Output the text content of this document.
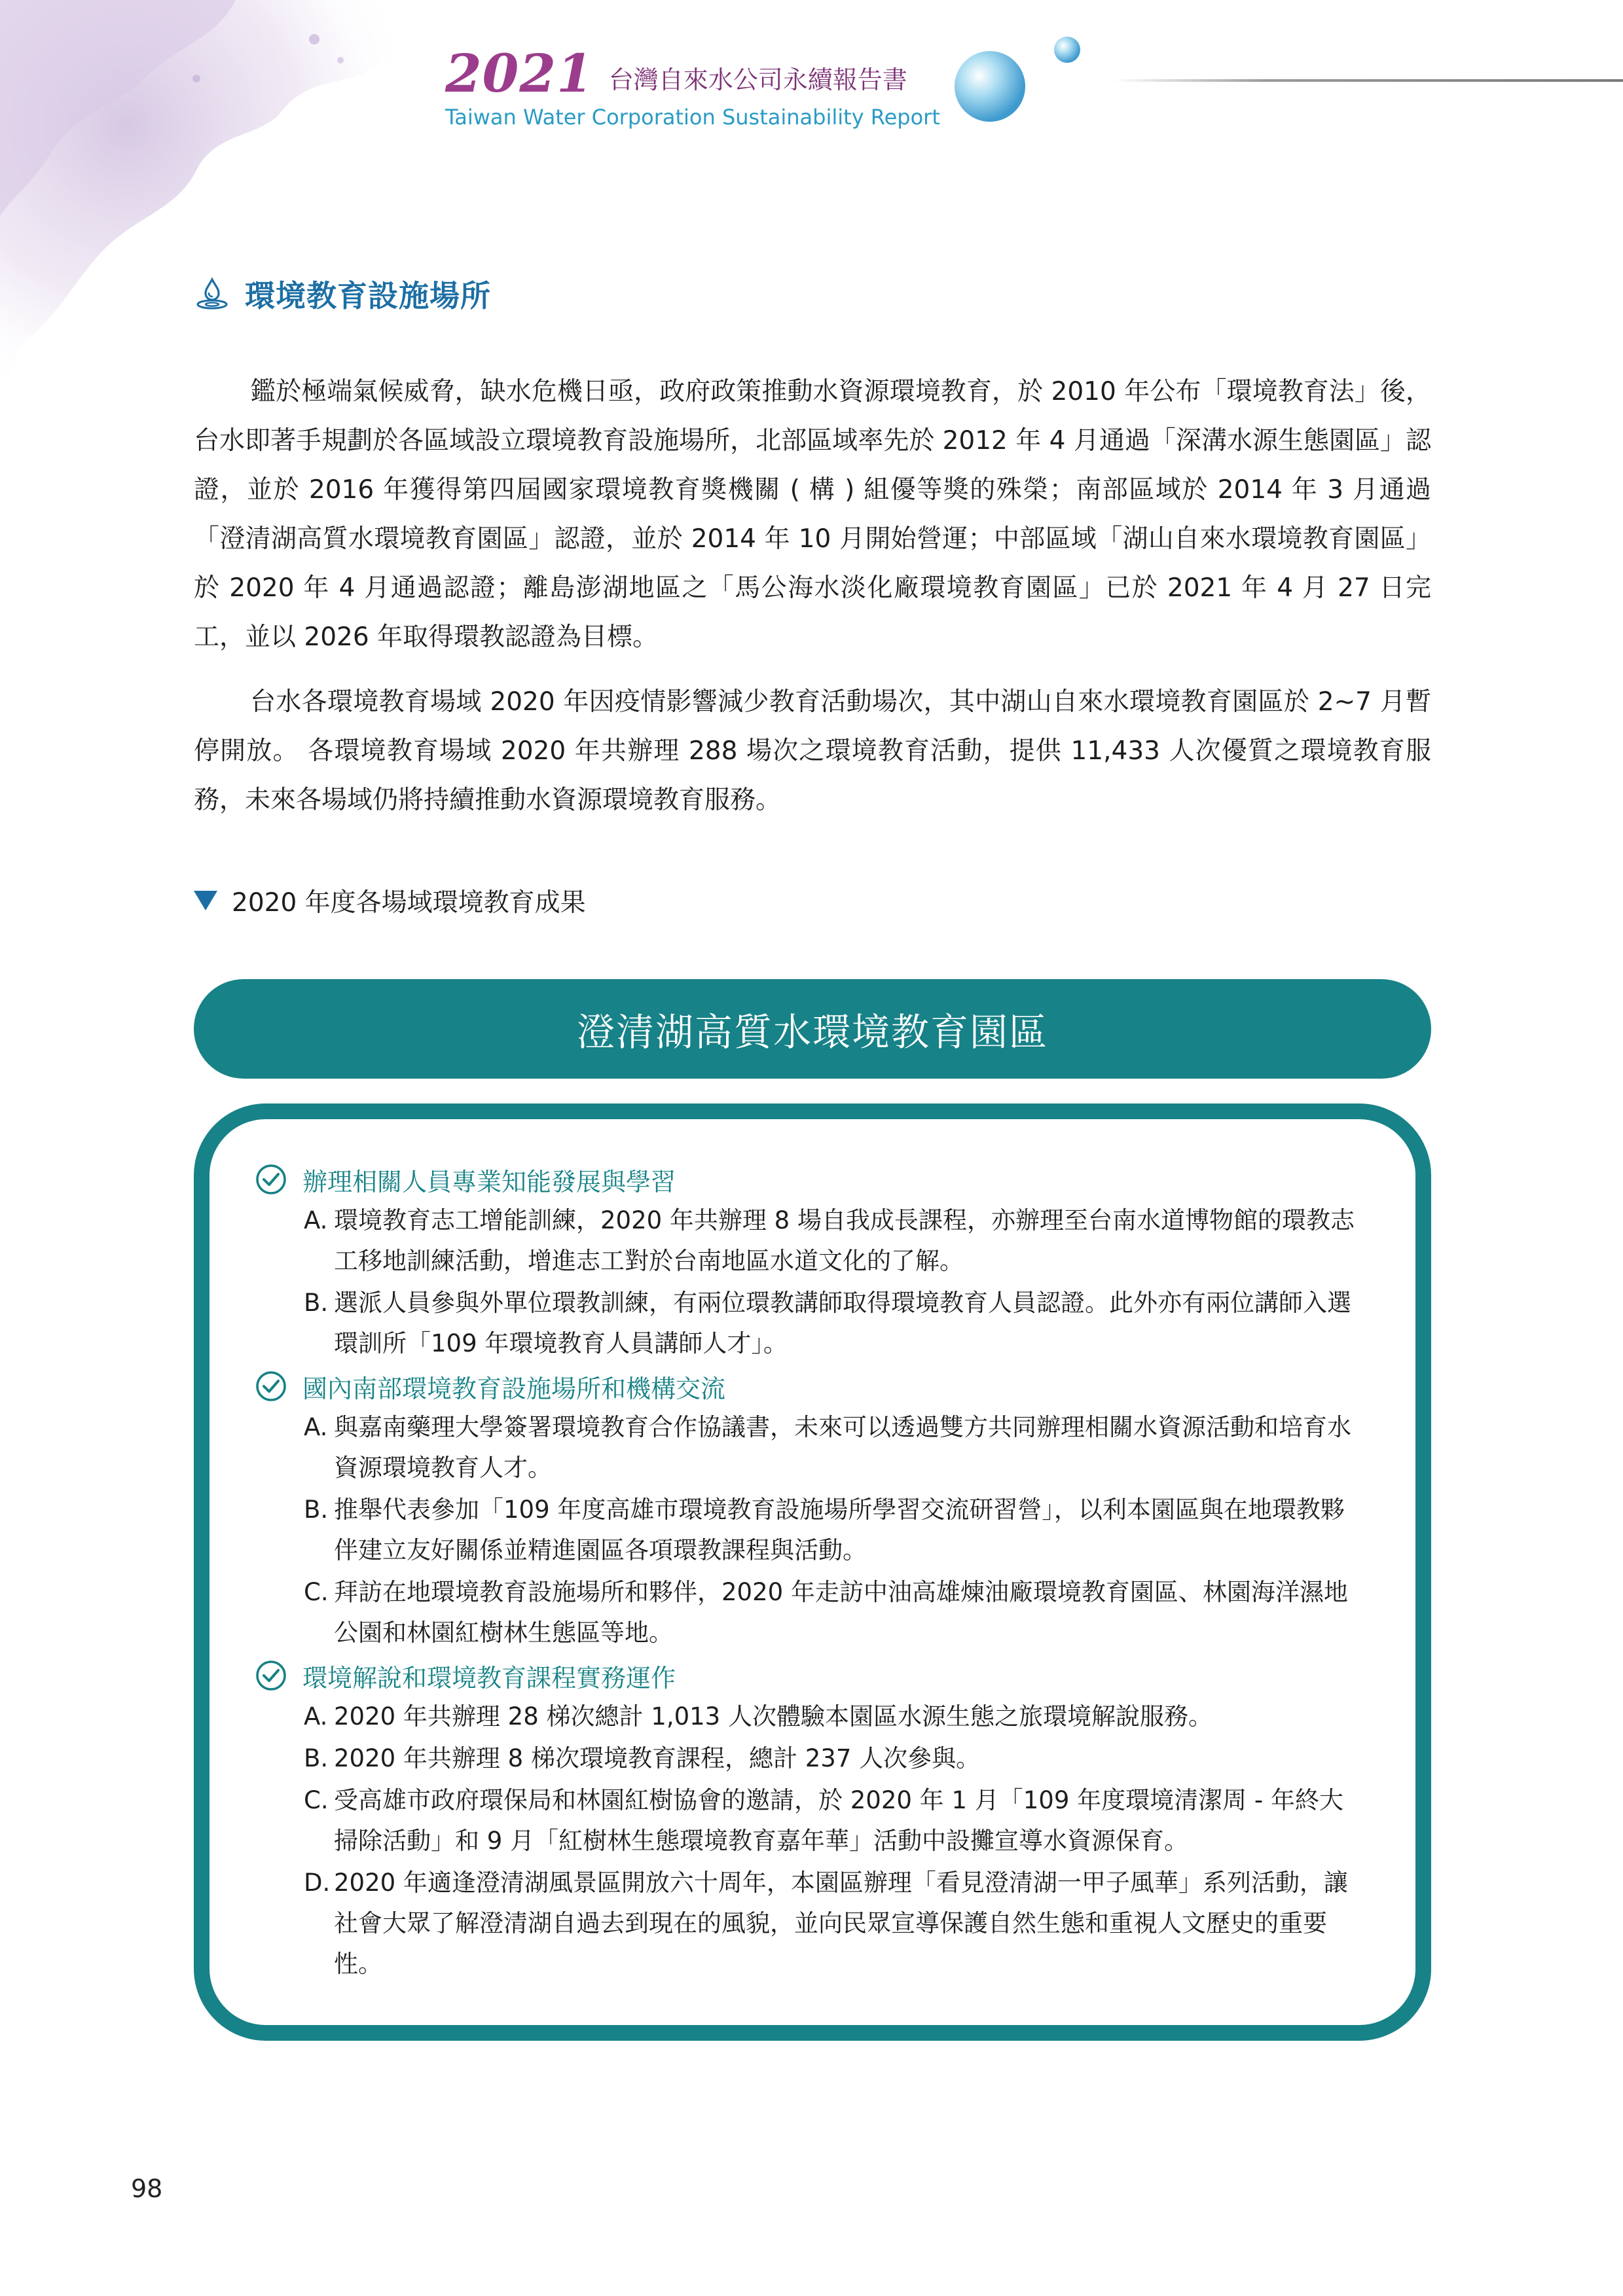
2021 台灣自來水公司永續報告書
Taiwan Water Corporation Sustainability Report
環境教育設施場所

鑑於極端氣候威脅，缺水危機日亟，政府政策推動水資源環境教育，於 2010 年公布「環境教育法」後，台水即著手規劃於各區域設立環境教育設施場所，北部區域率先於 2012 年 4 月通過「深溝水源生態園區」認證，並於 2016 年獲得第四屆國家環境教育獎機關 ( 構 ) 組優等獎的殊榮；南部區域於 2014 年 3 月通過「澄清湖高質水環境教育園區」認證，並於 2014 年 10 月開始營運；中部區域「湖山自來水環境教育園區」於 2020 年 4 月通過認證；離島澎湖地區之「馬公海水淡化廠環境教育園區」已於 2021 年 4 月 27 日完工，並以 2026 年取得環教認證為目標。

台水各環境教育場域 2020 年因疫情影響減少教育活動場次，其中湖山自來水環境教育園區於 2~7 月暫停開放。 各環境教育場域 2020 年共辦理 288 場次之環境教育活動，提供 11,433 人次優質之環境教育服務，未來各場域仍將持續推動水資源環境教育服務。

2020 年度各場域環境教育成果
澄清湖高質水環境教育園區
辦理相關人員專業知能發展與學習
A. 環境教育志工增能訓練，2020 年共辦理 8 場自我成長課程，亦辦理至台南水道博物館的環教志工移地訓練活動，增進志工對於台南地區水道文化的了解。
B. 選派人員參與外單位環教訓練，有兩位環教講師取得環境教育人員認證。此外亦有兩位講師入選環訓所「109 年環境教育人員講師人才」。
國內南部環境教育設施場所和機構交流
A. 與嘉南藥理大學簽署環境教育合作協議書，未來可以透過雙方共同辦理相關水資源活動和培育水資源環境教育人才。
B. 推舉代表參加「109 年度高雄市環境教育設施場所學習交流研習營」，以利本園區與在地環教夥伴建立友好關係並精進園區各項環教課程與活動。
C. 拜訪在地環境教育設施場所和夥伴，2020 年走訪中油高雄煉油廠環境教育園區、林園海洋濕地公園和林園紅樹林生態區等地。
環境解說和環境教育課程實務運作
A. 2020 年共辦理 28 梯次總計 1,013 人次體驗本園區水源生態之旅環境解說服務。
B. 2020 年共辦理 8 梯次環境教育課程，總計 237 人次參與。
C. 受高雄市政府環保局和林園紅樹協會的邀請，於 2020 年 1 月「109 年度環境清潔周 - 年終大掃除活動」和 9 月「紅樹林生態環境教育嘉年華」活動中設攤宣導水資源保育。
D. 2020 年適逢澄清湖風景區開放六十周年，本園區辦理「看見澄清湖一甲子風華」系列活動，讓社會大眾了解澄清湖自過去到現在的風貌，並向民眾宣導保護自然生態和重視人文歷史的重要性。
98
